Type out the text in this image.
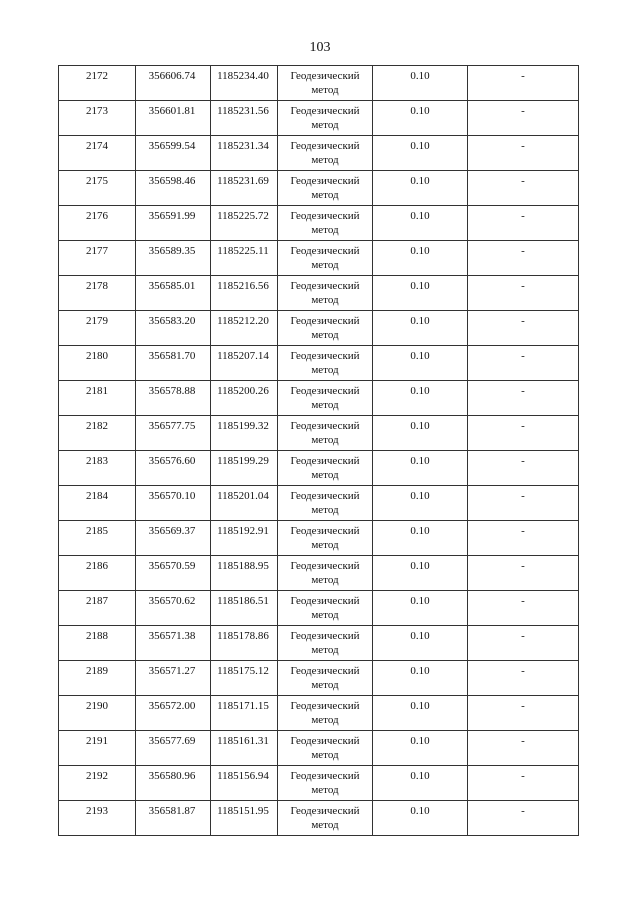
103
2172	356606.74	1185234.40	Геодезический метод	0.10	-

2173	356601.81	1185231.56	Геодезический метод	0.10	-

2174	356599.54	1185231.34	Геодезический метод	0.10	-

2175	356598.46	1185231.69	Геодезический метод	0.10	-

2176	356591.99	1185225.72	Геодезический метод	0.10	-

2177	356589.35	1185225.11	Геодезический метод	0.10	-

2178	356585.01	1185216.56	Геодезический метод	0.10	-

2179	356583.20	1185212.20	Геодезический метод	0.10	-

2180	356581.70	1185207.14	Геодезический метод	0.10	-

2181	356578.88	1185200.26	Геодезический метод	0.10	-

2182	356577.75	1185199.32	Геодезический метод	0.10	-

2183	356576.60	1185199.29	Геодезический метод	0.10	-

2184	356570.10	1185201.04	Геодезический метод	0.10	-

2185	356569.37	1185192.91	Геодезический метод	0.10	-

2186	356570.59	1185188.95	Геодезический метод	0.10	-

2187	356570.62	1185186.51	Геодезический метод	0.10	-

2188	356571.38	1185178.86	Геодезический метод	0.10	-

2189	356571.27	1185175.12	Геодезический метод	0.10	-

2190	356572.00	1185171.15	Геодезический метод	0.10	-

2191	356577.69	1185161.31	Геодезический метод	0.10	-

2192	356580.96	1185156.94	Геодезический метод	0.10	-

2193	356581.87	1185151.95	Геодезический метод	0.10	-
